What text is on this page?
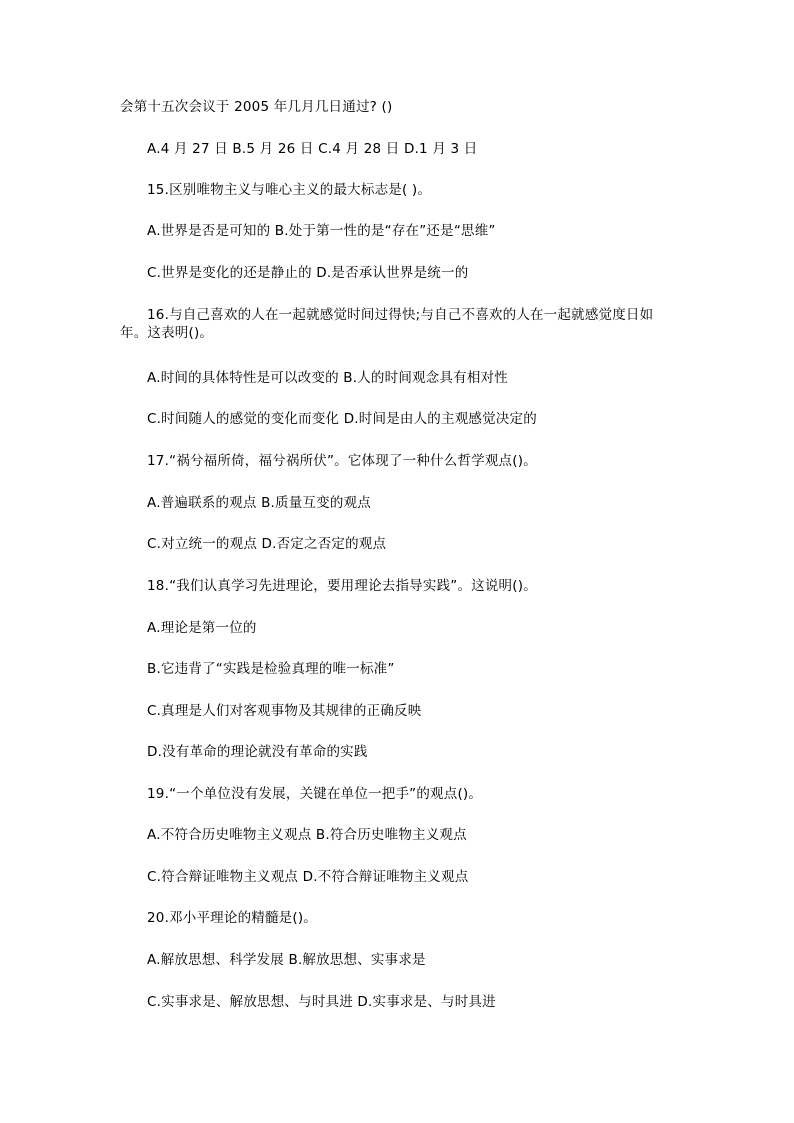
会第十五次会议于 2005 年几月几日通过? ()
A.4 月 27 日 B.5 月 26 日 C.4 月 28 日 D.1 月 3 日
15.区别唯物主义与唯心主义的最大标志是( )。
A.世界是否是可知的 B.处于第一性的是“存在”还是“思维”
C.世界是变化的还是静止的 D.是否承认世界是统一的
16.与自己喜欢的人在一起就感觉时间过得快;与自己不喜欢的人在一起就感觉度日如年。这表明()。
A.时间的具体特性是可以改变的 B.人的时间观念具有相对性
C.时间随人的感觉的变化而变化 D.时间是由人的主观感觉决定的
17.“祸兮福所倚，福兮祸所伏”。它体现了一种什么哲学观点()。
A.普遍联系的观点 B.质量互变的观点
C.对立统一的观点 D.否定之否定的观点
18.“我们认真学习先进理论，要用理论去指导实践”。这说明()。
A.理论是第一位的
B.它违背了“实践是检验真理的唯一标准”
C.真理是人们对客观事物及其规律的正确反映
D.没有革命的理论就没有革命的实践
19.“一个单位没有发展，关键在单位一把手”的观点()。
A.不符合历史唯物主义观点 B.符合历史唯物主义观点
C.符合辩证唯物主义观点 D.不符合辩证唯物主义观点
20.邓小平理论的精髓是()。
A.解放思想、科学发展 B.解放思想、实事求是
C.实事求是、解放思想、与时具进 D.实事求是、与时具进
